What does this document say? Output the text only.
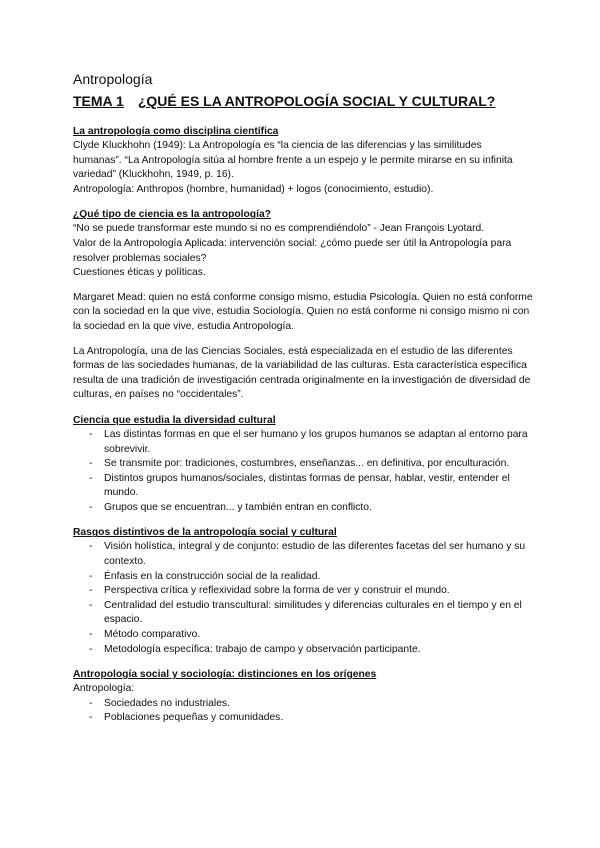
Antropología
TEMA 1 ¿QUÉ ES LA ANTROPOLOGÍA SOCIAL Y CULTURAL?
La antropología como disciplina científica

Clyde Kluckhohn (1949): La Antropología es “la ciencia de las diferencias y las similitudes humanas”. “La Antropología sitúa al hombre frente a un espejo y le permite mirarse en su infinita variedad” (Kluckhohn, 1949, p. 16).

Antropología: Anthropos (hombre, humanidad) + logos (conocimiento, estudio).

¿Qué tipo de ciencia es la antropología?

“No se puede transformar este mundo si no es comprendiéndolo” - Jean François Lyotard.

Valor de la Antropología Aplicada: intervención social: ¿cómo puede ser útil la Antropología para resolver problemas sociales?

Cuestiones éticas y políticas.

Margaret Mead: quien no está conforme consigo mismo, estudia Psicología. Quien no está conforme con la sociedad en la que vive, estudia Sociología. Quien no está conforme ni consigo mismo ni con la sociedad en la que vive, estudia Antropología.

La Antropología, una de las Ciencias Sociales, está especializada en el estudio de las diferentes formas de las sociedades humanas, de la variabilidad de las culturas. Esta característica específica resulta de una tradición de investigación centrada originalmente en la investigación de diversidad de culturas, en países no “occidentales”.

Ciencia que estudia la diversidad cultural
- Las distintas formas en que el ser humano y los grupos humanos se adaptan al entorno para sobrevivir.
- Se transmite por: tradiciones, costumbres, enseñanzas... en definitiva, por enculturación.
- Distintos grupos humanos/sociales, distintas formas de pensar, hablar, vestir, entender el mundo.
- Grupos que se encuentran... y también entran en conflicto.
Rasgos distintivos de la antropología social y cultural
- Visión holística, integral y de conjunto: estudio de las diferentes facetas del ser humano y su contexto.
- Énfasis en la construcción social de la realidad.
- Perspectiva crítica y reflexividad sobre la forma de ver y construir el mundo.
- Centralidad del estudio transcultural: similitudes y diferencias culturales en el tiempo y en el espacio.
- Método comparativo.
- Metodología específica: trabajo de campo y observación participante.
Antropología social y sociología: distinciones en los orígenes

Antropología:

- Sociedades no industriales.
- Poblaciones pequeñas y comunidades.
